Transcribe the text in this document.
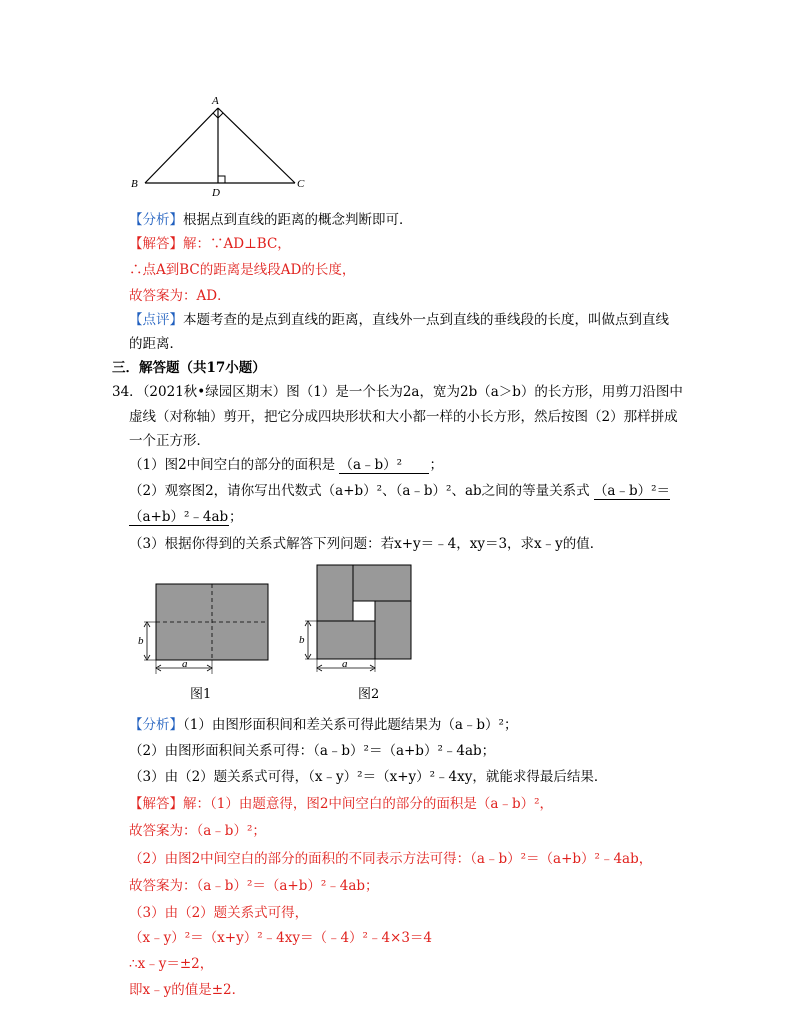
A
B	C
D
【分析】根据点到直线的距离的概念判断即可．
【解答】解：∵AD⊥BC，
∴点A到BC的距离是线段AD的长度，
故答案为：AD．
【点评】本题考查的是点到直线的距离，直线外一点到直线的垂线段的长度，叫做点到直线
的距离．
三．解答题（共17小题）
34．（2021秋•绿园区期末）图（1）是一个长为2a，宽为2b（a＞b）的长方形，用剪刀沿图中
虚线（对称轴）剪开，把它分成四块形状和大小都一样的小长方形，然后按图（2）那样拼成
一个正方形．
（1）图2中间空白的部分的面积是 （a﹣b）² ；
（2）观察图2，请你写出代数式（a+b）²、（a﹣b）²、ab之间的等量关系式 （a﹣b）²＝
（a+b）²﹣4ab；
（3）根据你得到的关系式解答下列问题：若x+y＝﹣4，xy＝3，求x﹣y的值．
a
b
图1
a
b
图2
【分析】（1）由图形面积间和差关系可得此题结果为（a﹣b）²；
（2）由图形面积间关系可得：（a﹣b）²＝（a+b）²﹣4ab；
（3）由（2）题关系式可得，（x﹣y）²＝（x+y）²﹣4xy，就能求得最后结果．
【解答】解：（1）由题意得，图2中间空白的部分的面积是（a﹣b）²，
故答案为：（a﹣b）²；
（2）由图2中间空白的部分的面积的不同表示方法可得：（a﹣b）²＝（a+b）²﹣4ab，
故答案为：（a﹣b）²＝（a+b）²﹣4ab；
（3）由（2）题关系式可得，
（x﹣y）²＝（x+y）²﹣4xy＝（﹣4）²﹣4×3＝4
∴x﹣y＝±2，
即x﹣y的值是±2．
